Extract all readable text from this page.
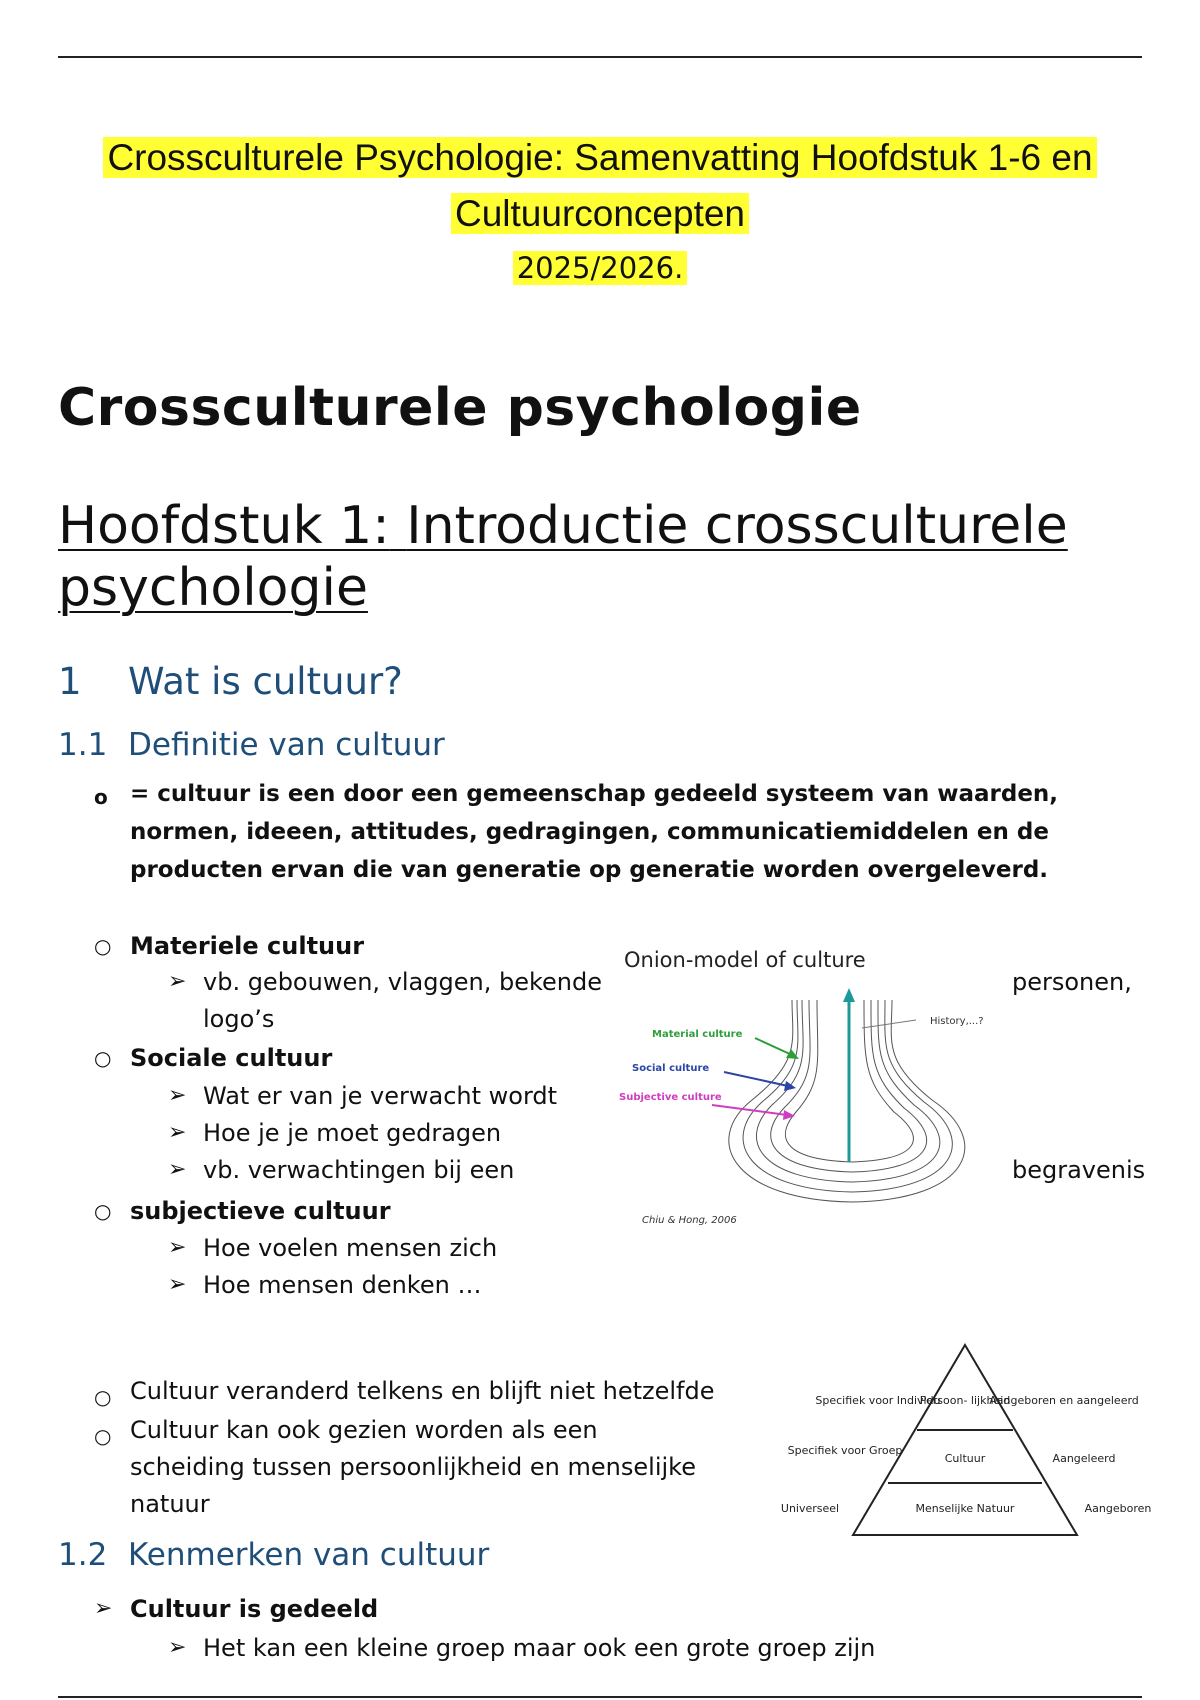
Crossculturele Psychologie: Samenvatting Hoofdstuk 1-6 en
Cultuurconcepten
2025/2026.
Crossculturele psychologie
Hoofdstuk 1: Introductie crossculturele psychologie
1 Wat is cultuur?
1.1 Definitie van cultuur
o = cultuur is een door een gemeenschap gedeeld systeem van waarden, normen, ideeen, attitudes, gedragingen, communicatiemiddelen en de producten ervan die van generatie op generatie worden overgeleverd.
○ Materiele cultuur
➢ vb. gebouwen, vlaggen, bekende	personen,
logo’s
○ Sociale cultuur
➢ Wat er van je verwacht wordt
➢ Hoe je je moet gedragen
➢ vb. verwachtingen bij een	begravenis
○ subjectieve cultuur
➢ Hoe voelen mensen zich
➢ Hoe mensen denken …
Onion-model of culture
History,...?
Material culture
Social culture
Subjective culture
Chiu & Hong, 2006
○ Cultuur veranderd telkens en blijft niet hetzelfde
○ Cultuur kan ook gezien worden als een scheiding tussen persoonlijkheid en menselijke natuur
Persoon- lijkheid
Cultuur
Menselijke Natuur
Specifiek voor Individu
Specifiek voor Groep
Universeel
Aangeboren en aangeleerd
Aangeleerd
Aangeboren
1.2 Kenmerken van cultuur
➢ Cultuur is gedeeld
➢ Het kan een kleine groep maar ook een grote groep zijn
